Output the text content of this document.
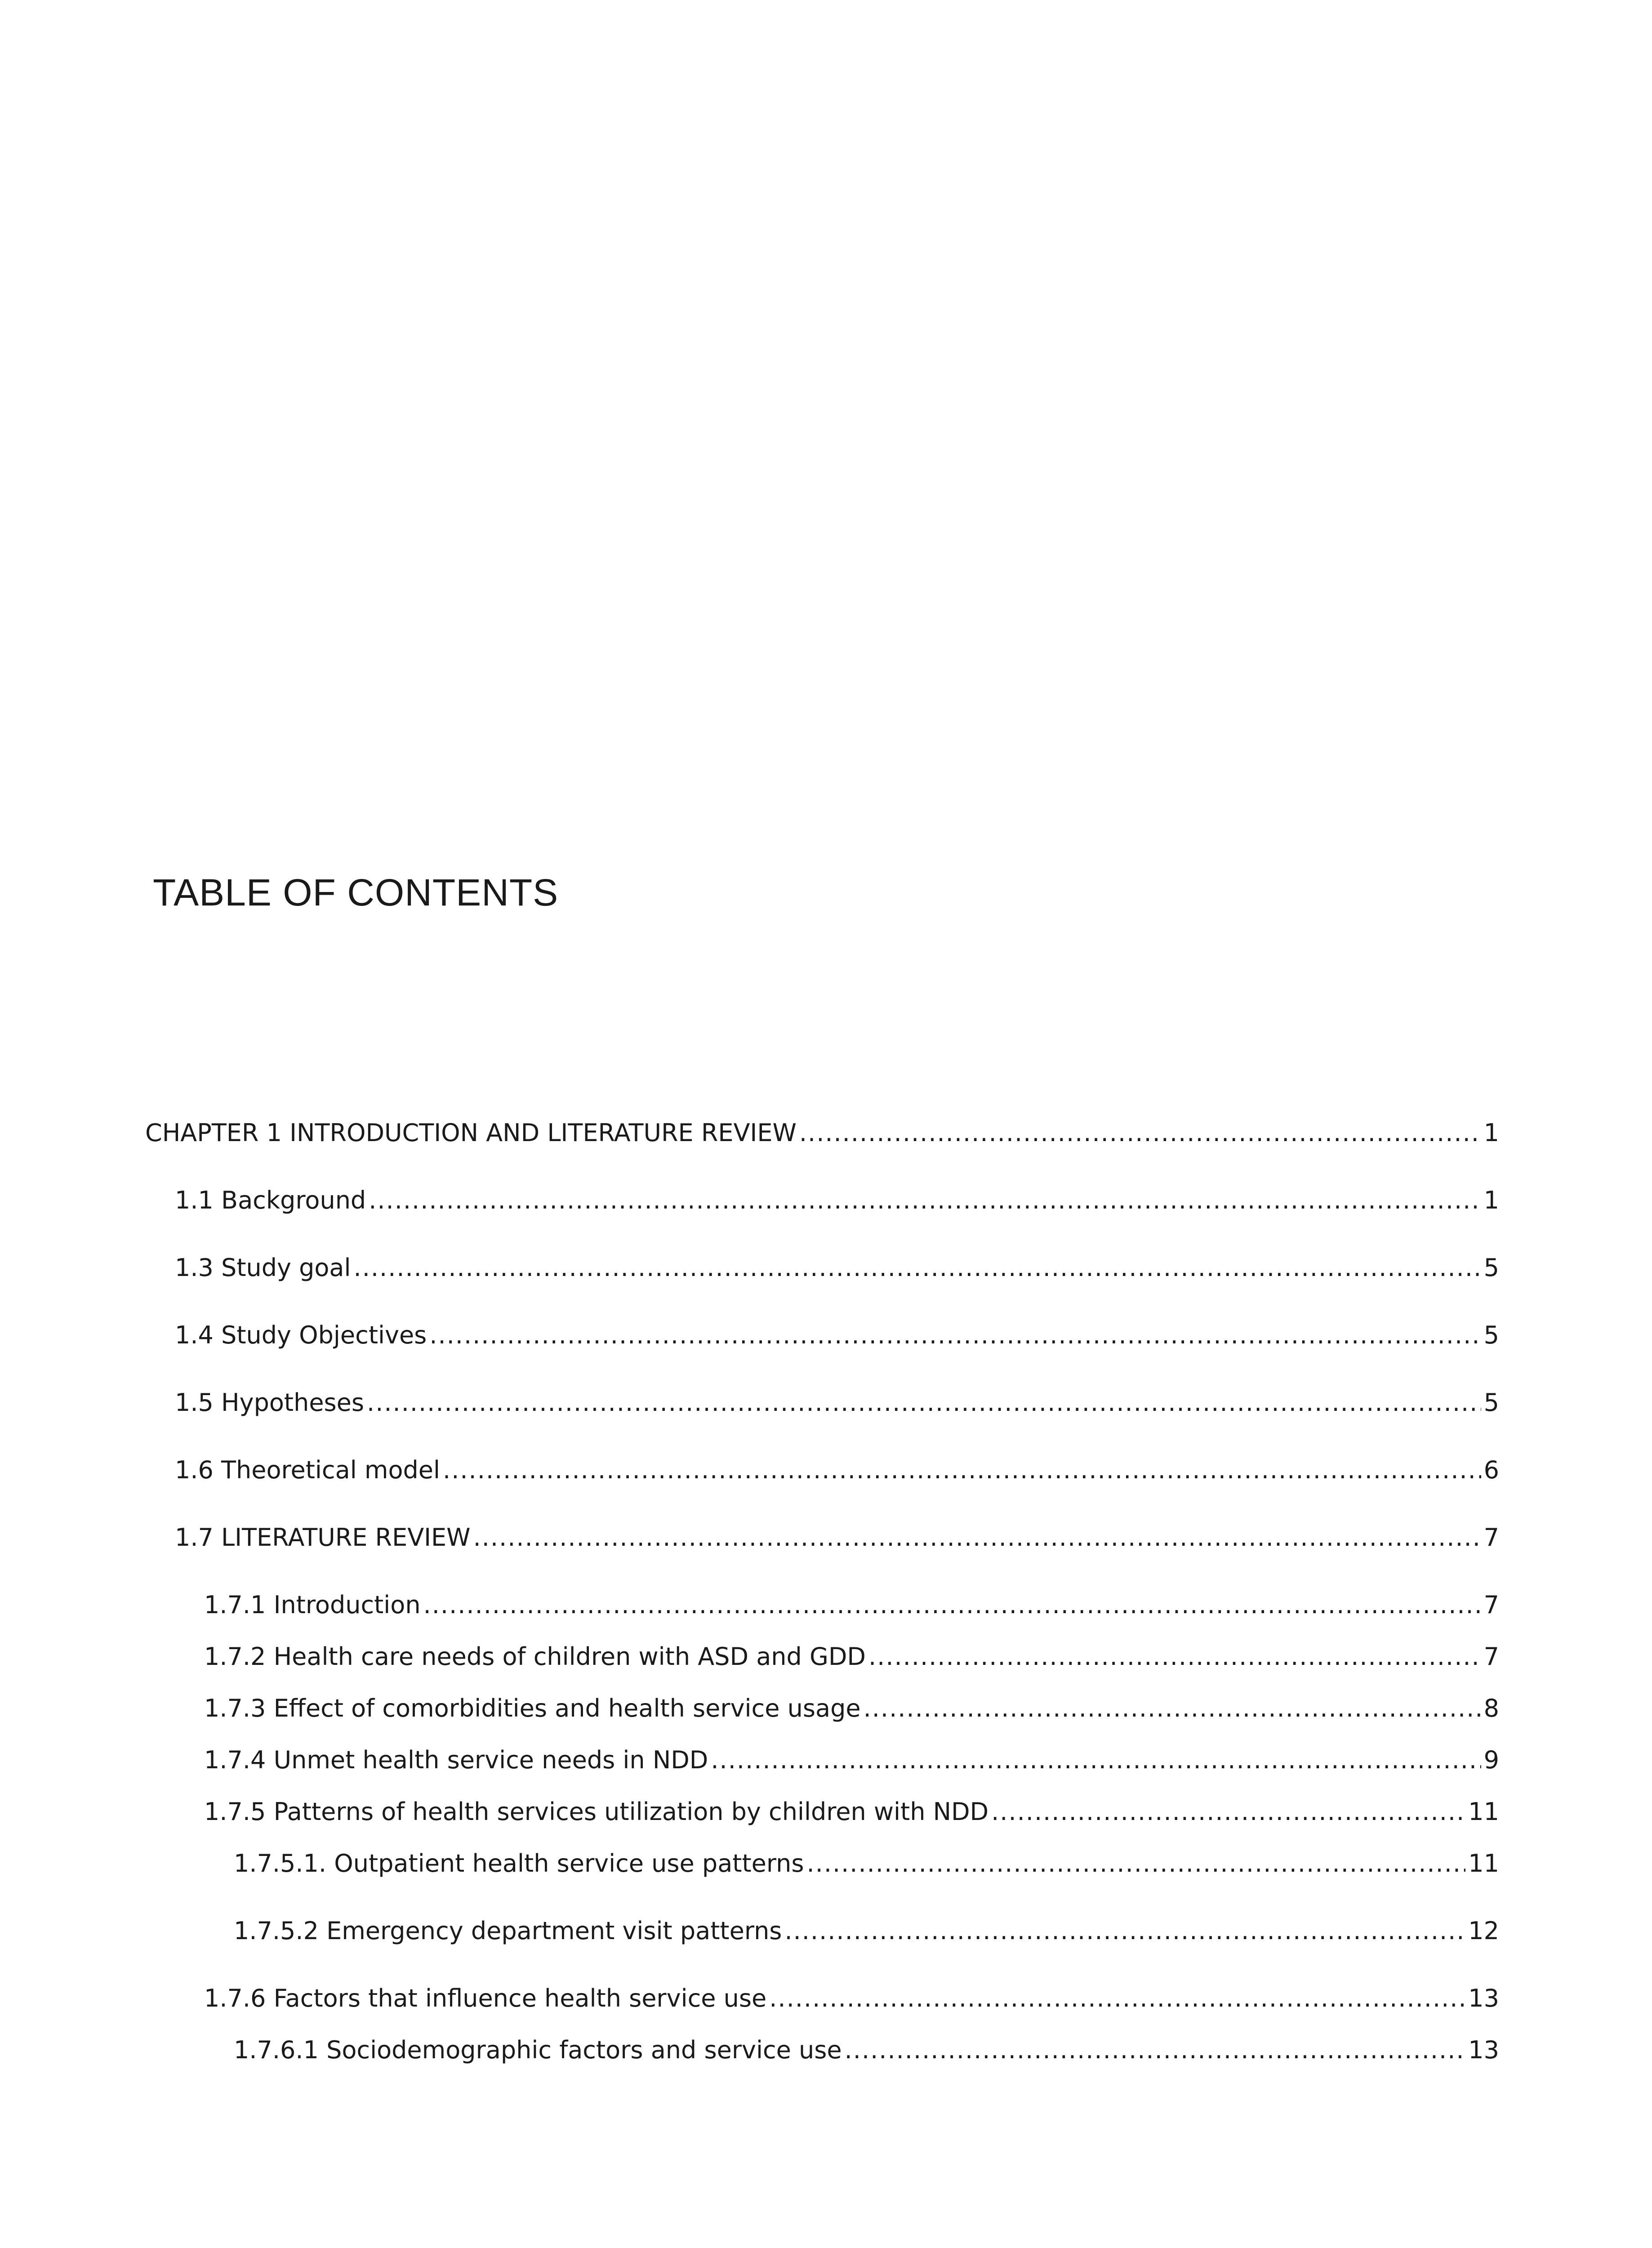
TABLE OF CONTENTS
CHAPTER 1 INTRODUCTION AND LITERATURE REVIEW .....	1
1.1 Background .....	1
1.3 Study goal .....	5
1.4 Study Objectives .....	5
1.5 Hypotheses .....	5
1.6 Theoretical model .....	6
1.7 LITERATURE REVIEW .....	7
1.7.1 Introduction .....	7
1.7.2 Health care needs of children with ASD and GDD .....	7
1.7.3 Effect of comorbidities and health service usage .....	8
1.7.4 Unmet health service needs in NDD .....	9
1.7.5 Patterns of health services utilization by children with NDD .....	11
1.7.5.1. Outpatient health service use patterns .....	11
1.7.5.2 Emergency department visit patterns .....	12
1.7.6 Factors that influence health service use .....	13
1.7.6.1 Sociodemographic factors and service use .....	13
